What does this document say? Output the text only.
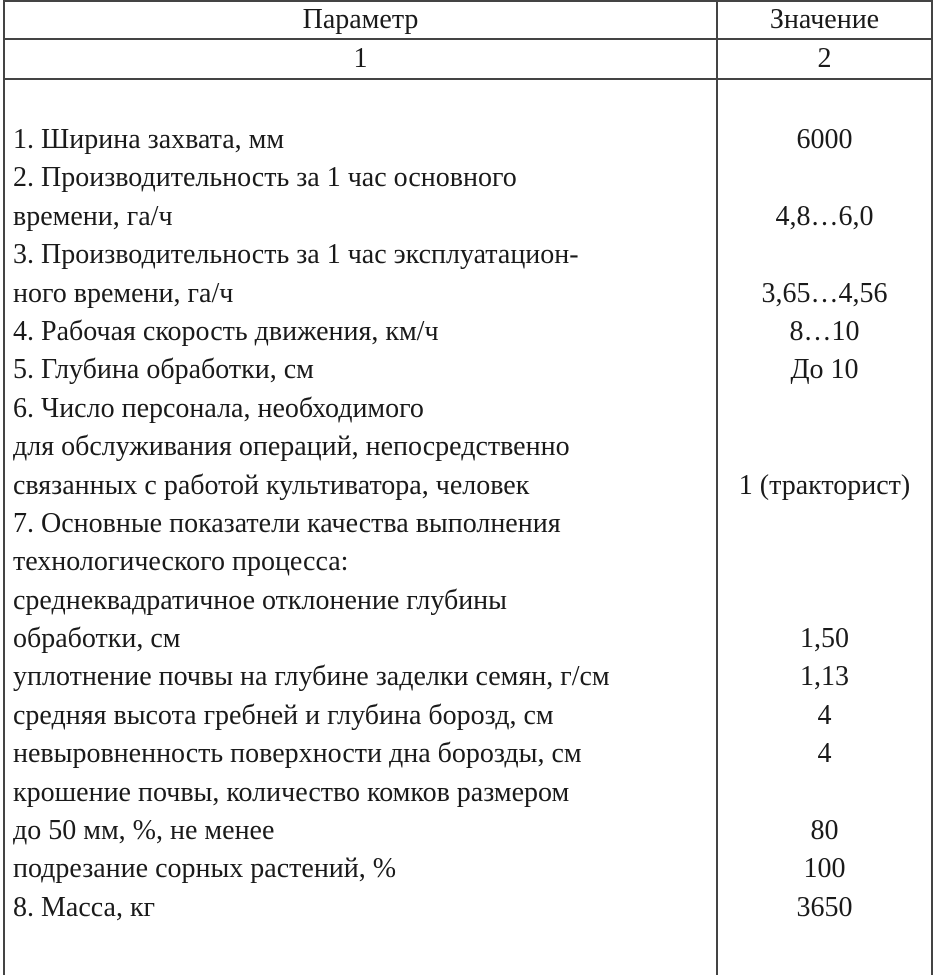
Параметр	Значение
1	2
1. Ширина захвата, мм	6000
2. Производительность за 1 час основного
времени, га/ч	4,8…6,0
3. Производительность за 1 час эксплуатацион-
ного времени, га/ч	3,65…4,56
4. Рабочая скорость движения, км/ч	8…10
5. Глубина обработки, см	До 10
6. Число персонала, необходимого
для обслуживания операций, непосредственно
связанных с работой культиватора, человек	1 (тракторист)
7. Основные показатели качества выполнения
технологического процесса:
среднеквадратичное отклонение глубины
обработки, см	1,50
уплотнение почвы на глубине заделки семян, г/см	1,13
средняя высота гребней и глубина борозд, см	4
невыровненность поверхности дна борозды, см	4
крошение почвы, количество комков размером
до 50 мм, %, не менее	80
подрезание сорных растений, %	100
8. Масса, кг	3650
